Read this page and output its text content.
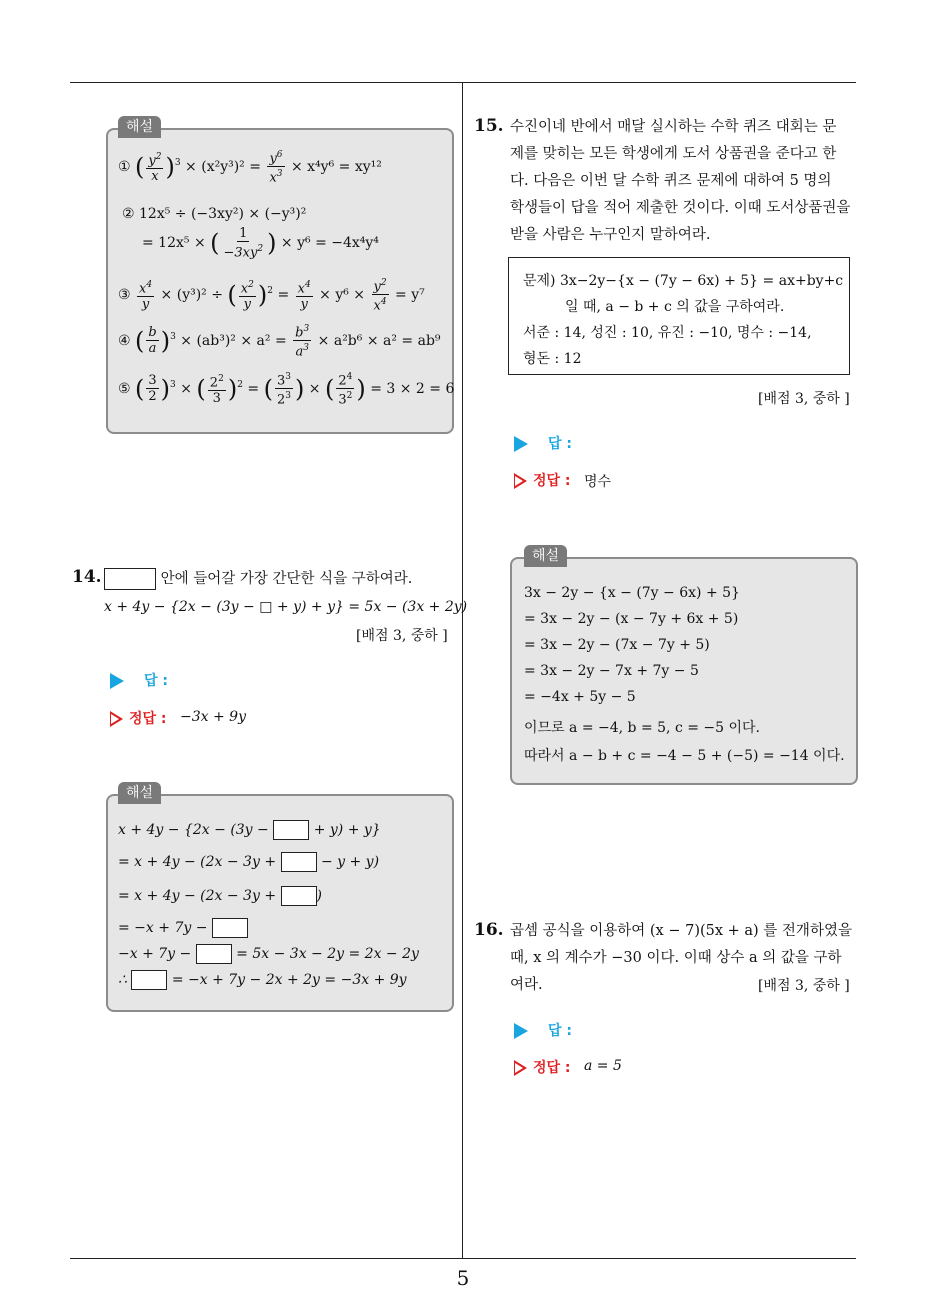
5
① ( $\frac{y^2}{x} )^3 \times (x^2y^3)^2 = \frac{y^6}{x^3} \times x^4y^6 = xy^{12}$
② 12x⁵ ÷ (−3xy²) × (−y³)²
= 12x⁵ × ( $\frac{1}{-3xy^2}$ ) × y⁶ = −4x⁴y⁴
③ $\frac{x^4}{y} \times (y^3)^2$ ÷ ( $\frac{x^2}{y} )^2 = \frac{x^4}{y} \times y^6 \times \frac{y^2}{x^4} = y^7$
④ ( $\frac{b}{a} )^3 \times (ab^3)^2 \times a^2 = \frac{b^3}{a^3} \times a^2b^6 \times a^2 = ab^9$
⑤ ( $\frac{3}{2} )^3$ × ( $\frac{2^2}{3} )^2$ = ( $\frac{3^3}{2^3}$ ) × ( $\frac{2^4}{3^2}$ ) = 3 × 2 = 6
해설
14.	안에 들어갈 가장 간단한 식을 구하여라.
x + 4y − {2x − (3y − □ + y) + y} = 5x − (3x + 2y)
[배점 3, 중하 ]
답 :
정답 : −3x + 9y
x + 4y − {2x − (3y −	+ y) + y}
= x + 4y − (2x − 3y +	− y + y)
= x + 4y − (2x − 3y +	)
= −x + 7y −
−x + 7y −	= 5x − 3x − 2y = 2x − 2y
∴	= −x + 7y − 2x + 2y = −3x + 9y
해설
15. 수진이네 반에서 매달 실시하는 수학 퀴즈 대회는 문
제를 맞히는 모든 학생에게 도서 상품권을 준다고 한
다. 다음은 이번 달 수학 퀴즈 문제에 대하여 5 명의
학생들이 답을 적어 제출한 것이다. 이때 도서상품권을
받을 사람은 누구인지 말하여라.
문제) 3x−2y−{x − (7y − 6x) + 5} = ax+by+c
일 때, a − b + c 의 값을 구하여라.
서준 : 14, 성진 : 10, 유진 : −10, 명수 : −14,
형돈 : 12
[배점 3, 중하 ]
답 :
정답 : 명수
3x − 2y − {x − (7y − 6x) + 5}
= 3x − 2y − (x − 7y + 6x + 5)
= 3x − 2y − (7x − 7y + 5)
= 3x − 2y − 7x + 7y − 5
= −4x + 5y − 5
이므로 a = −4, b = 5, c = −5 이다.
따라서 a − b + c = −4 − 5 + (−5) = −14 이다.
해설
16. 곱셈 공식을 이용하여 (x − 7)(5x + a) 를 전개하였을
때, x 의 계수가 −30 이다. 이때 상수 a 의 값을 구하
여라.	[배점 3, 중하 ]
답 :
정답 : a = 5
